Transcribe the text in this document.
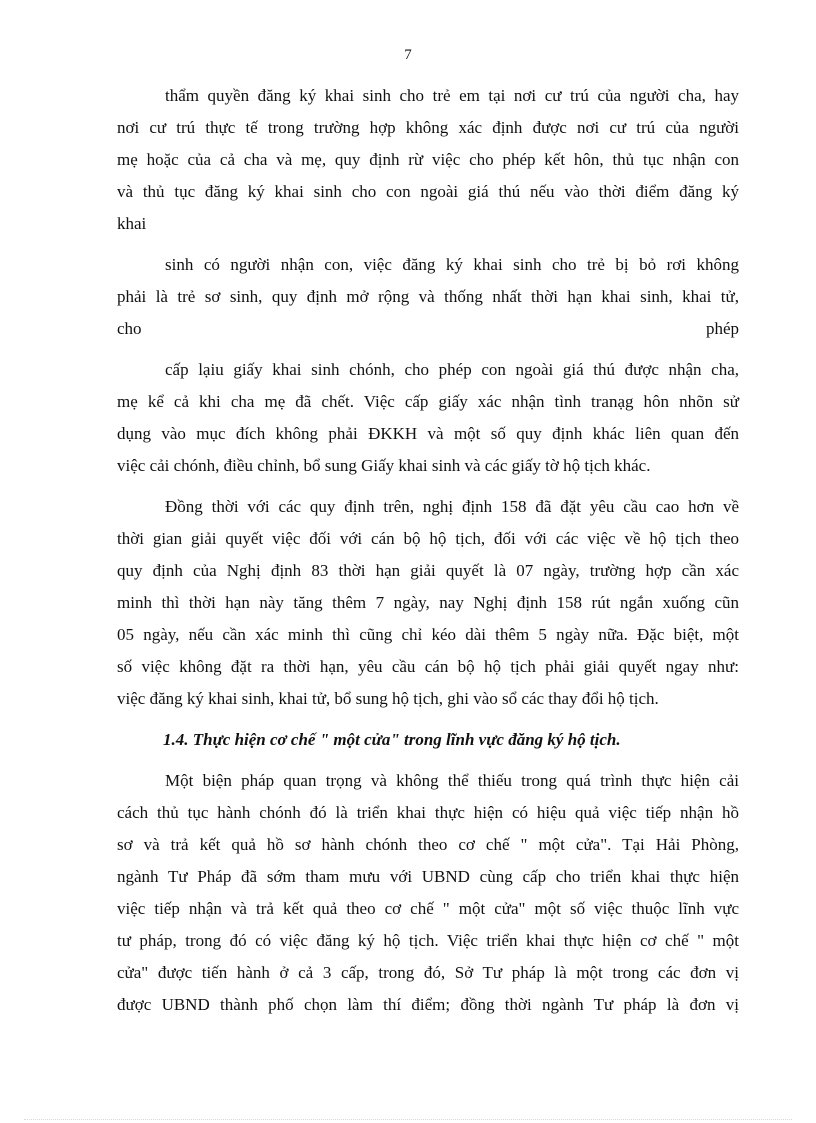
7
thẩm quyền đăng ký khai sinh cho trẻ em tại nơi cư trú của người cha, hay
nơi cư trú thực tế trong trường hợp không xác định được nơi cư trú của người
mẹ hoặc của cả cha và mẹ, quy định rừ việc cho phép kết hôn, thủ tục nhận con
và thủ tục đăng ký khai sinh cho con ngoài giá thú nếu vào thời điểm đăng ký
khai
sinh có người nhận con, việc đăng ký khai sinh cho trẻ bị bỏ rơi không
phải là trẻ sơ sinh, quy định mở rộng và thống nhất thời hạn khai sinh, khai tử,
cho phép
cấp lạiu giấy khai sinh chónh, cho phép con ngoài giá thú được nhận cha,
mẹ kể cả khi cha mẹ đã chết. Việc cấp giấy xác nhận tình tranạg hôn nhõn sử
dụng vào mục đích không phải ĐKKH và một số quy định khác liên quan đến
việc cải chónh, điều chỉnh, bổ sung Giấy khai sinh và các giấy tờ hộ tịch khác.
Đồng thời với các quy định trên, nghị định 158 đã đặt yêu cầu cao hơn về
thời gian giải quyết việc đối với cán bộ hộ tịch, đối với các việc về hộ tịch theo
quy định của Nghị định 83 thời hạn giải quyết là 07 ngày, trường hợp cần xác
minh thì thời hạn này tăng thêm 7 ngày, nay Nghị định 158 rút ngắn xuống cũn
05 ngày, nếu cần xác minh thì cũng chỉ kéo dài thêm 5 ngày nữa. Đặc biệt, một
số việc không đặt ra thời hạn, yêu cầu cán bộ hộ tịch phải giải quyết ngay như:
việc đăng ký khai sinh, khai tử, bổ sung hộ tịch, ghi vào sổ các thay đổi hộ tịch.
1.4. Thực hiện cơ chế " một cửa" trong lĩnh vực đăng ký hộ tịch.
Một biện pháp quan trọng và không thể thiếu trong quá trình thực hiện cải
cách thủ tục hành chónh đó là triển khai thực hiện có hiệu quả việc tiếp nhận hồ
sơ và trả kết quả hồ sơ hành chónh theo cơ chế " một cửa". Tại Hải Phòng,
ngành Tư Pháp đã sớm tham mưu với UBND cùng cấp cho triển khai thực hiện
việc tiếp nhận và trả kết quả theo cơ chế " một cửa" một số việc thuộc lĩnh vực
tư pháp, trong đó có việc đăng ký hộ tịch. Việc triển khai thực hiện cơ chế " một
cửa" được tiến hành ở cả 3 cấp, trong đó, Sở Tư pháp là một trong các đơn vị
được UBND thành phố chọn làm thí điểm; đồng thời ngành Tư pháp là đơn vị
